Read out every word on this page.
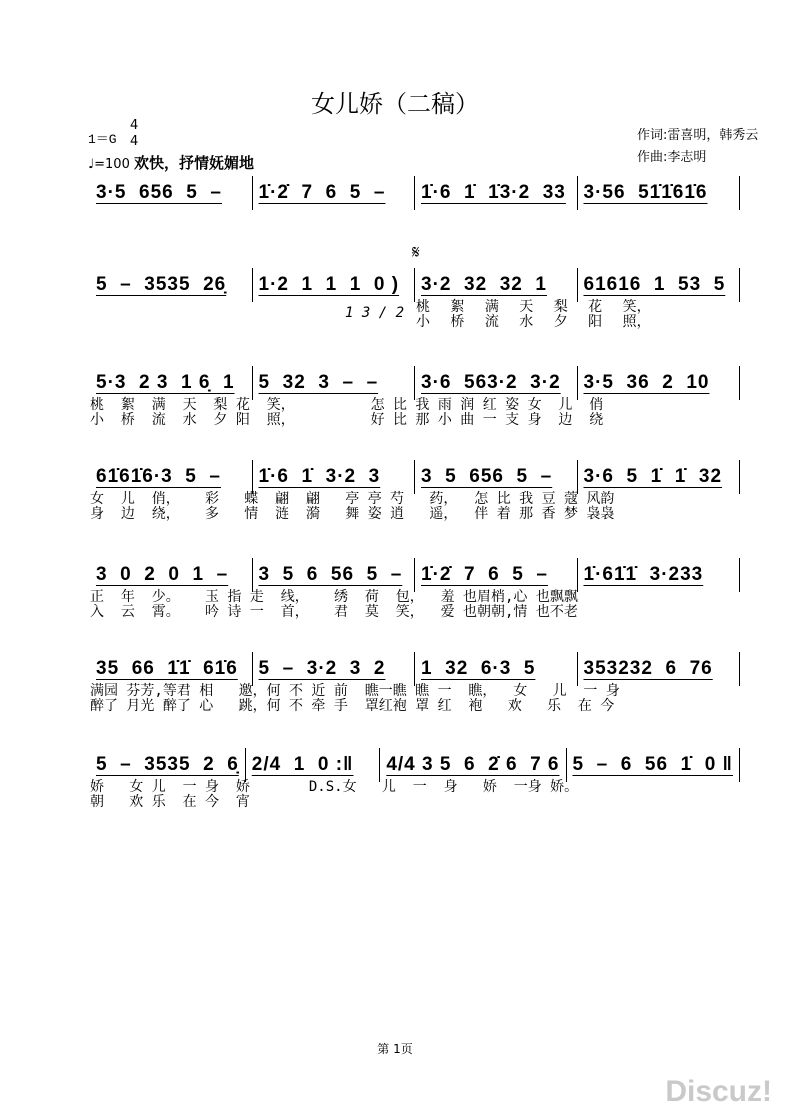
女儿娇（二稿）
1＝G
4
4
♩=100 欢快，抒情妩媚地
作词:雷喜明，韩秀云
作曲:李志明
3·5  656  5  –	1̇·2̇  7  6  5  –	1̇·6  1̇  1̇3·2  33 3·56  51̇1̇61̇6
𝄋
5  –  3535  26̣	1·2  1  1  1  0 )	3·2  32  32  1	61616  1  53  5
1 3 / 2 桃 絮 满 天 梨 花 笑，
小 桥 流 水 夕 阳 照，
5·3  2 3  1 6̣  1	5  32  3  –  –	3·6  563·2  3·2	3·5  36  2  10
桃  絮  满  天  梨 花  笑，         怎 比 我 雨 润 红 姿 女  儿  俏
小  桥  流  水  夕 阳  照，         好 比 那 小 曲 一 支 身  边  绕
61̇61̇6·3  5  –	1̇·6  1̇  3·2  3	3  5  656  5  –	3·6  5  1̇  1̇  32
女  儿  俏，   彩   蝶  翩  翩   亭 亭 芍   药，  怎 比 我 豆 蔻 风韵
身  边  绕，   多   情  涟  漪   舞 姿 逍   遥，  伴 着 那 香 梦 袅袅
3  0  2  0  1  –	3  5  6  56  5  – 1̇·2̇  7  6  5  –	1̇·61̇1̇  3·233
正  年  少。   玉 指 走  线，   绣  荷  包，  羞 也眉梢,心 也飘飘
入  云  霄。   吟 诗 一  首，   君  莫  笑，  爱 也朝朝,情 也不老
35  66  1̇1̇  61̇6	5  –  3·2  3  2	1  32  6·3  5	353232  6  76
满园 芬芳,等君 相   邀，何 不 近 前  瞧一瞧 瞧 一  瞧，  女   儿  一 身
醉了 月光 醉了 心   跳，何 不 牵 手  罩红袍 罩 红  袍   欢   乐  在 今
5  –  3535  2  6̣ 2/4  1  0 :‖	4/4 3 5  6  2̇ 6  7 6 5  –  6  56  1̇  0 ‖
娇   女 儿  一 身  娇       D.S.女   儿  一  身   娇  一身 娇。
朝   欢 乐  在 今  宵
第 1页
Discuz!
